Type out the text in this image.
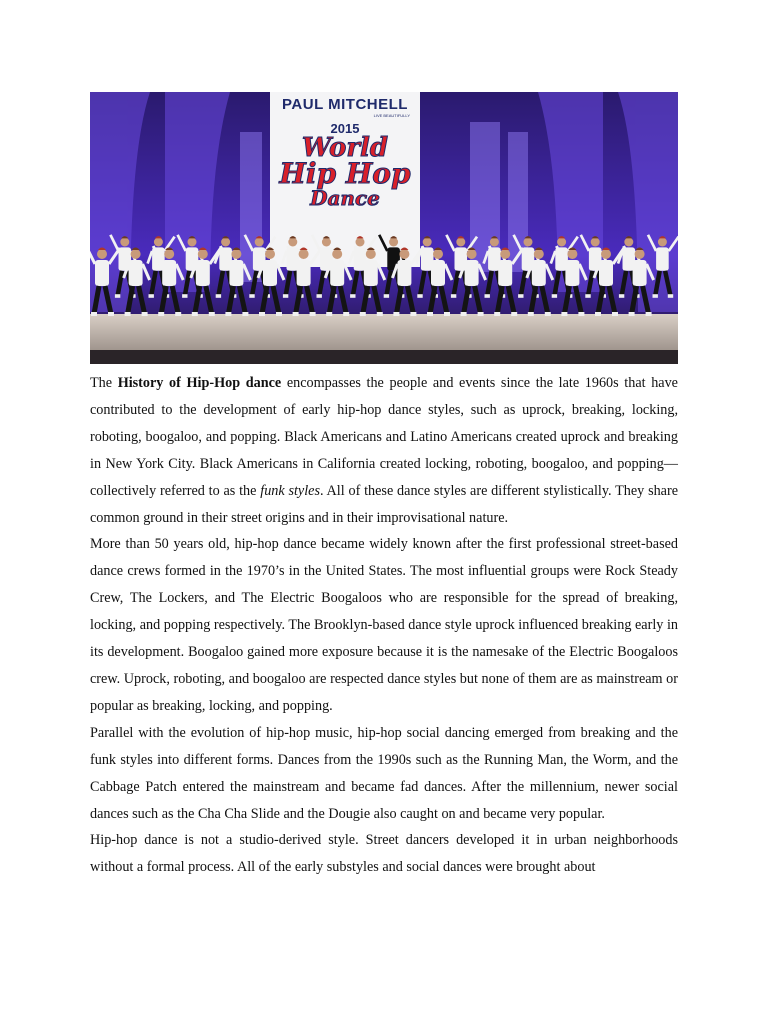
PAUL MITCHELL
LIVE BEAUTIFULLY
2015
World
Hip Hop
Dance

The History of Hip-Hop dance encompasses the people and events since the late 1960s that have contributed to the development of early hip-hop dance styles, such as uprock, breaking, locking, roboting, boogaloo, and popping. Black Americans and Latino Americans created uprock and breaking in New York City. Black Americans in California created locking, roboting, boogaloo, and popping—collectively referred to as the funk styles. All of these dance styles are different stylistically. They share common ground in their street origins and in their improvisational nature.

More than 50 years old, hip-hop dance became widely known after the first professional street-based dance crews formed in the 1970’s in the United States. The most influential groups were Rock Steady Crew, The Lockers, and The Electric Boogaloos who are responsible for the spread of breaking, locking, and popping respectively. The Brooklyn-based dance style uprock influenced breaking early in its development. Boogaloo gained more exposure because it is the namesake of the Electric Boogaloos crew. Uprock, roboting, and boogaloo are respected dance styles but none of them are as mainstream or popular as breaking, locking, and popping.

Parallel with the evolution of hip-hop music, hip-hop social dancing emerged from breaking and the funk styles into different forms. Dances from the 1990s such as the Running Man, the Worm, and the Cabbage Patch entered the mainstream and became fad dances. After the millennium, newer social dances such as the Cha Cha Slide and the Dougie also caught on and became very popular.

Hip-hop dance is not a studio-derived style. Street dancers developed it in urban neighborhoods without a formal process. All of the early substyles and social dances were brought about
